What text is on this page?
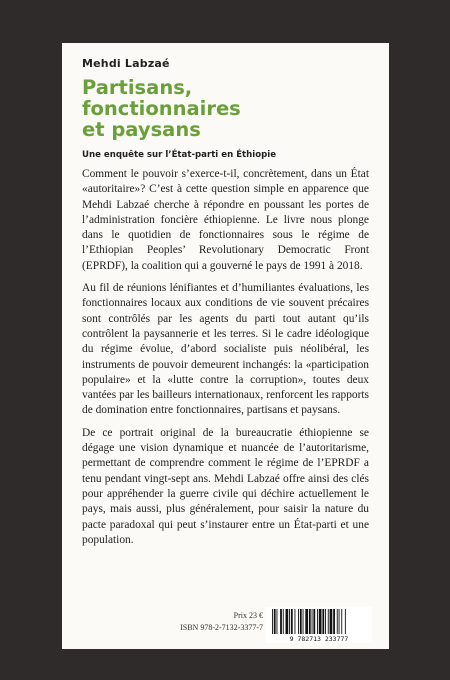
Mehdi Labzaé
Partisans,
fonctionnaires
et paysans
Une enquête sur l’État-parti en Éthiopie

Comment le pouvoir s’exerce-t-il, concrètement, dans un État «autoritaire»? C’est à cette question simple en apparence que Mehdi Labzaé cherche à répondre en poussant les portes de l’administration foncière éthiopienne. Le livre nous plonge dans le quotidien de fonctionnaires sous le régime de l’Ethiopian Peoples’ Revolutionary Democratic Front (EPRDF), la coalition qui a gouverné le pays de 1991 à 2018.

Au fil de réunions lénifiantes et d’humiliantes évaluations, les fonctionnaires locaux aux conditions de vie souvent précaires sont contrôlés par les agents du parti tout autant qu’ils contrôlent la paysannerie et les terres. Si le cadre idéologique du régime évolue, d’abord socialiste puis néolibéral, les instruments de pouvoir demeurent inchangés: la «participation populaire» et la «lutte contre la corruption», toutes deux vantées par les bailleurs internationaux, renforcent les rapports de domination entre fonctionnaires, partisans et paysans.

De ce portrait original de la bureaucratie éthiopienne se dégage une vision dynamique et nuancée de l’autoritarisme, permettant de comprendre comment le régime de l’EPRDF a tenu pendant vingt-sept ans. Mehdi Labzaé offre ainsi des clés pour appréhender la guerre civile qui déchire actuellement le pays, mais aussi, plus généralement, pour saisir la nature du pacte paradoxal qui peut s’instaurer entre un État-parti et une population.

Prix 23 €
ISBN 978-2-7132-3377-7
9 782713 233777
